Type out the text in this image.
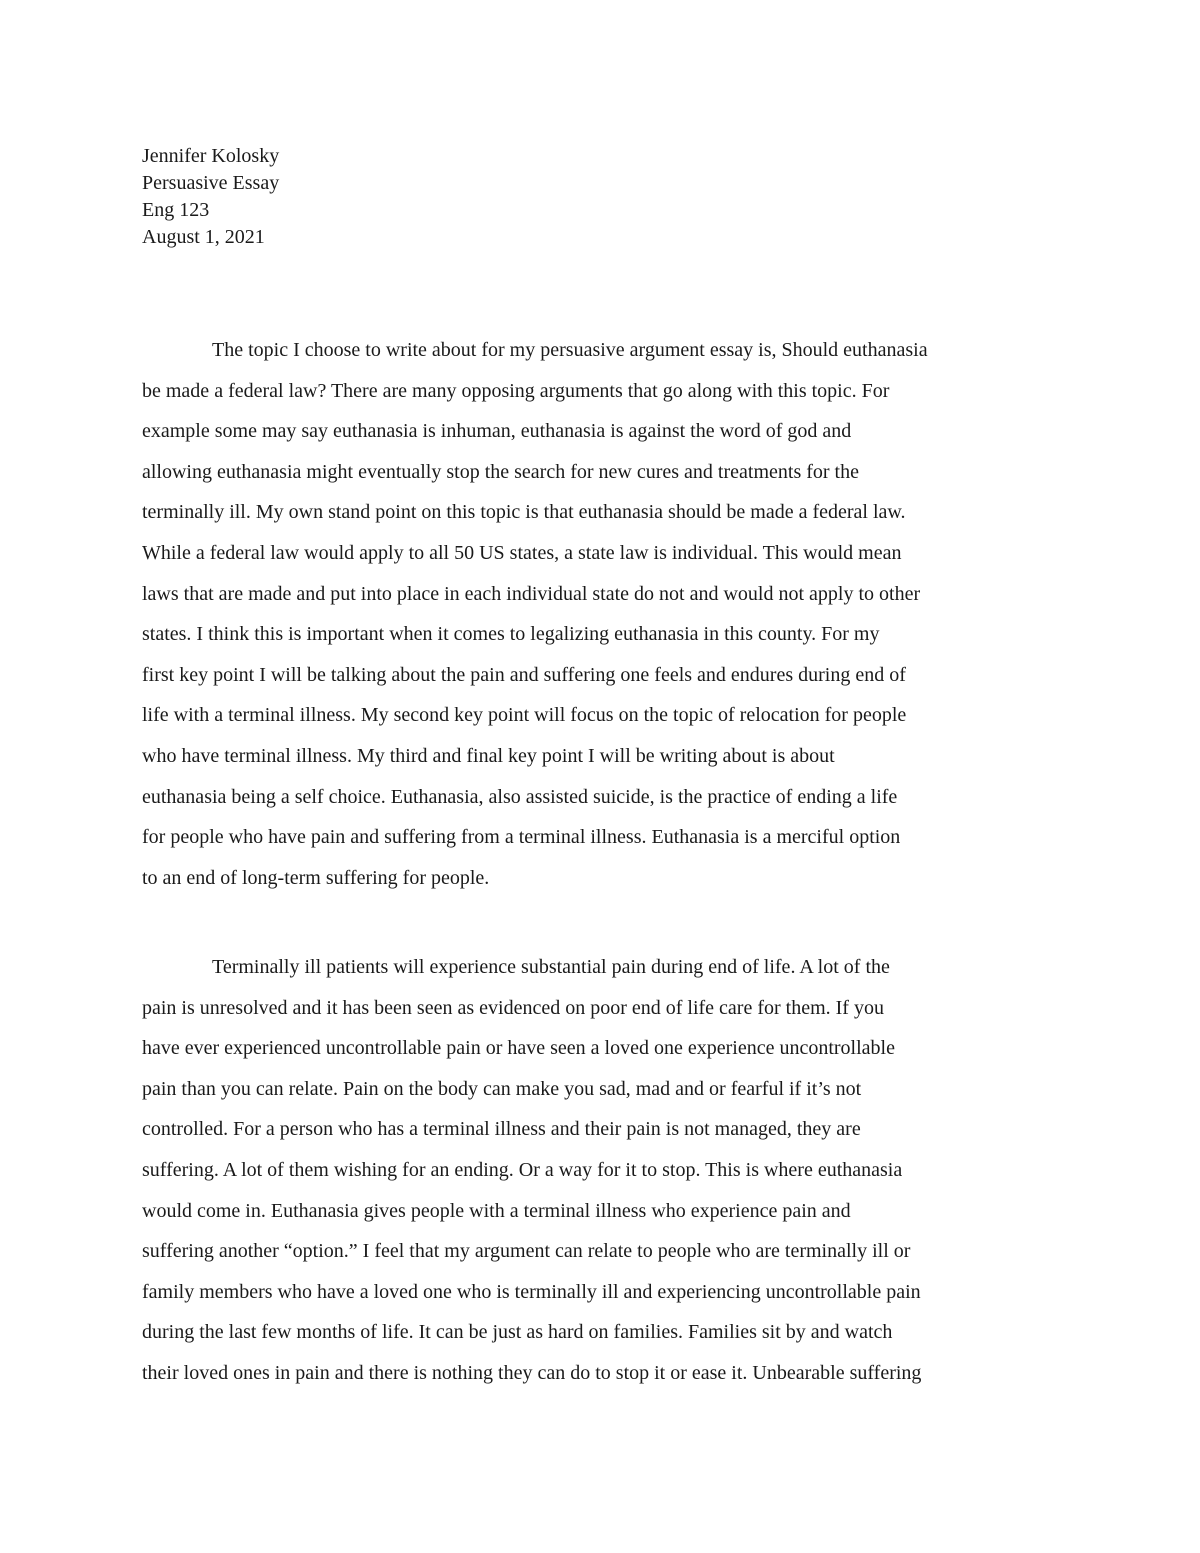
Jennifer Kolosky
Persuasive Essay
Eng 123
August 1, 2021
The topic I choose to write about for my persuasive argument essay is, Should euthanasia
be made a federal law? There are many opposing arguments that go along with this topic. For
example some may say euthanasia is inhuman, euthanasia is against the word of god and
allowing euthanasia might eventually stop the search for new cures and treatments for the
terminally ill. My own stand point on this topic is that euthanasia should be made a federal law.
While a federal law would apply to all 50 US states, a state law is individual. This would mean
laws that are made and put into place in each individual state do not and would not apply to other
states. I think this is important when it comes to legalizing euthanasia in this county. For my
first key point I will be talking about the pain and suffering one feels and endures during end of
life with a terminal illness. My second key point will focus on the topic of relocation for people
who have terminal illness. My third and final key point I will be writing about is about
euthanasia being a self choice. Euthanasia, also assisted suicide, is the practice of ending a life
for people who have pain and suffering from a terminal illness. Euthanasia is a merciful option
to an end of long-term suffering for people.
Terminally ill patients will experience substantial pain during end of life. A lot of the
pain is unresolved and it has been seen as evidenced on poor end of life care for them. If you
have ever experienced uncontrollable pain or have seen a loved one experience uncontrollable
pain than you can relate. Pain on the body can make you sad, mad and or fearful if it’s not
controlled. For a person who has a terminal illness and their pain is not managed, they are
suffering. A lot of them wishing for an ending. Or a way for it to stop. This is where euthanasia
would come in. Euthanasia gives people with a terminal illness who experience pain and
suffering another “option.” I feel that my argument can relate to people who are terminally ill or
family members who have a loved one who is terminally ill and experiencing uncontrollable pain
during the last few months of life. It can be just as hard on families. Families sit by and watch
their loved ones in pain and there is nothing they can do to stop it or ease it. Unbearable suffering
